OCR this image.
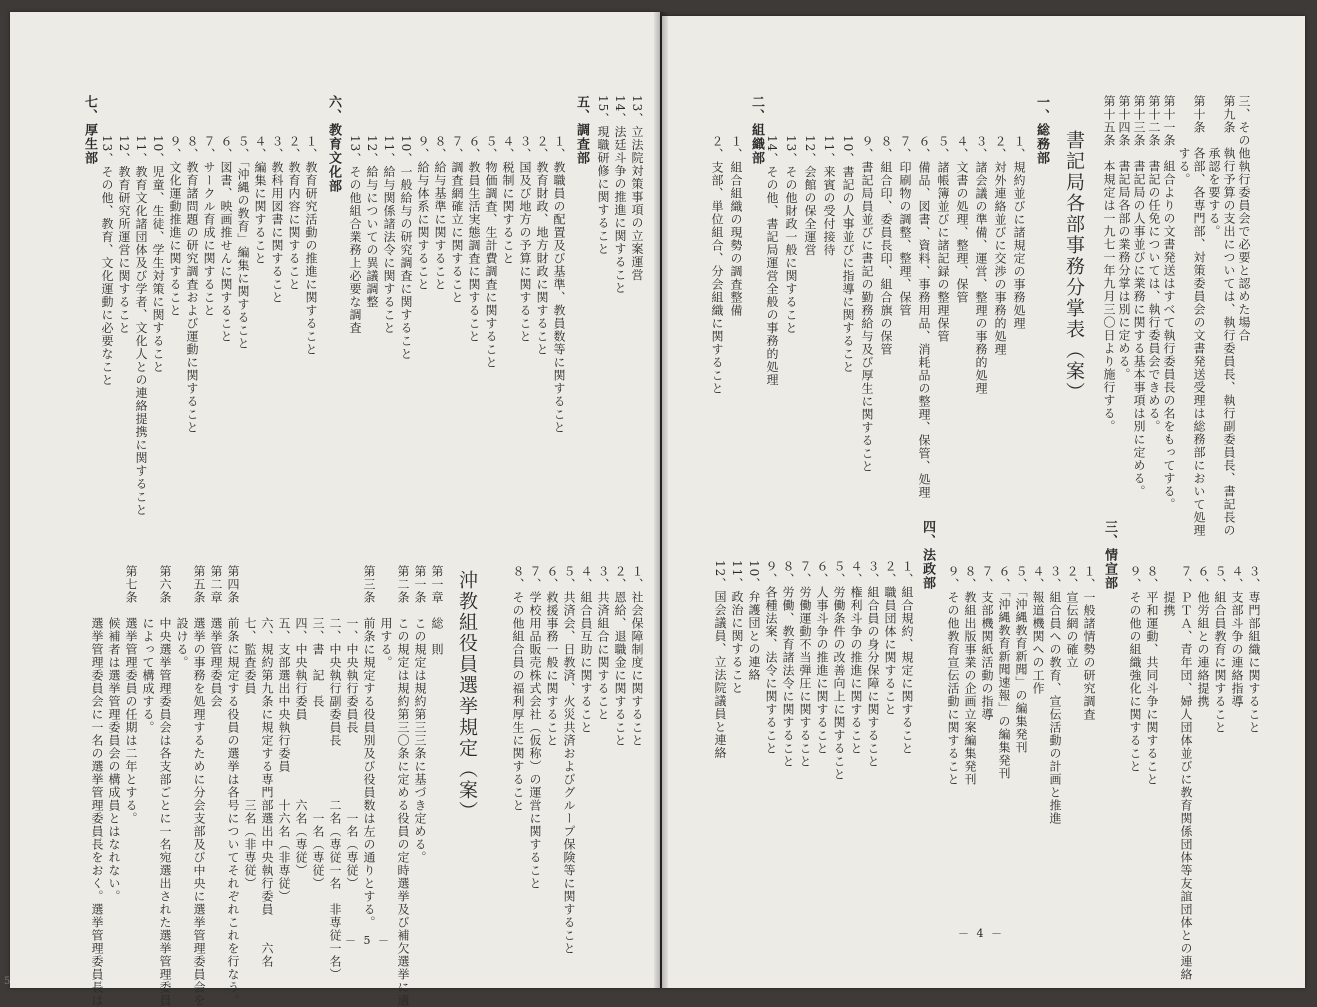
三、その他執行委員会で必要と認めた場合
第九条　執行予算の支出については、執行委員長、執行副委員長、書記長の
　　　　承認を要する。
第十条　各部、各専門部、対策委員会の文書発送受理は総務部において処理
　　　　する。
第十一条　組合よりの文書発送はすべて執行委員長の名をもってする。
第十二条　書記の任免については、執行委員会できめる。
第十三条　書記局の人事並びに業務に関する基本事項は別に定める。
第十四条　書記局各部の業務分掌は別に定める。
第十五条　本規定は一九七一年九月三〇日より施行する。
書記局各部事務分掌表（案）
一、総務部
１、規約並びに諸規定の事務処理
２、対外連絡並びに交渉の事務的処理
３、諸会議の準備、運営、整理の事務的処理
４、文書の処理、整理、保管
５、諸帳簿並びに諸記録の整理保管
６、備品、図書、資料、事務用品、消耗品の整理、保管、処理
７、印刷物の調整、整理、保管
８、組合印、委員長印、組合旗の保管
９、書記局員並びに書記の勤務給与及び厚生に関すること
10、書記の人事並びに指導に関すること
11、来賓の受付接待
12、会館の保全運営
13、その他財政一般に関すること
14、その他、書記局運営全般の事務的処理
二、組織部
１、組合組織の現勢の調査整備
２、支部、単位組合、分会組織に関すること
３、専門部組織に関すること
４、支部斗争の連絡指導
５、組合員教育に関すること
６、他労組との連絡提携
７、ＰＴＡ、青年団、婦人団体並びに教育関係団体等友誼団体との連絡
　　提携
８、平和運動、共同斗争に関すること
９、その他の組織強化に関すること
三、情宣部
１、一般諸情勢の研究調査
２、宣伝網の確立
３、組合員への教育、宣伝活動の計画と推進
４、報道機関への工作
５、「沖縄教育新聞」の編集発刊
６、「沖縄教育新聞速報」の編集発刊
７、支部機関紙活動の指導
８、教組出版事業の企画立案編集発刊
９、その他教育宣伝活動に関すること
四、法政部
１、組合規約、規定に関すること
２、職員団体に関すること
３、組合員の身分保障に関すること
４、権利斗争の推進に関すること
５、労働条件の改善向上に関すること
６、人事斗争の推進に関すること
７、労働運動不当弾圧に関すること
８、労働、教育諸法令に関すること
９、各種法案、法令に関すること
10、弁護団との連絡
11、政治に関すること
12、国会議員、立法院議員と連絡
13、立法院対策事項の立案運営
14、法廷斗争の推進に関すること
15、現職研修に関すること
五、調査部
１、教職員の配置及び基準、教員数等に関すること
２、教育財政、地方財政に関すること
３、国及び地方の予算に関すること
４、税制に関すること
５、物価調査、生計費調査に関すること
６、教員生活実態調査に関すること
７、調査網確立に関すること
８、給与基準に関すること
９、給与体系に関すること
10、一般給与の研究調査に関すること
11、給与関係諸法令に関すること
12、給与についての異議調整
13、その他組合業務上必要な調査
六、教育文化部
１、教育研究活動の推進に関すること
２、教育内容に関すること
３、教科用図書に関すること
４、編集に関すること
５、「沖縄の教育」編集に関すること
６、図書、映画推せんに関すること
７、サークル育成に関すること
８、教育諸問題の研究調査および運動に関すること
９、文化運動推進に関すること
10、児童、生徒、学生対策に関すること
11、教育文化諸団体及び学者、文化人との連絡提携に関すること
12、教育研究所運営に関すること
13、その他、教育、文化運動に必要なこと
七、厚生部
１、社会保障制度に関すること
２、恩給、退職金に関すること
３、共済組合に関すること
４、組合員互助に関すること
５、共済会、日教済、火災共済およびグループ保険等に関すること
６、救援事務一般に関すること
７、学校用品販売株式会社（仮称）の運営に関すること
８、その他組合員の福利厚生に関すること
沖教組役員選挙規定（案）
第一章　総　則
第一条　この規定は規約第三三条に基づき定める。
第二条　この規定は規約第三〇条に定める役員の定時選挙及び補欠選挙に適
　　　　用する。
第三条　前条に規定する役員別及び役員数は左の通りとする。
　　　　一、中央執行委員長　　　　　　一名（専従）
　　　　二、中央執行副委員長　　　　二名（専従一名　非専従一名）
　　　　三、書　記　長　　　　　　　　一名（専従）
　　　　四、中央執行委員　　　　　　六名（専従）
　　　　五、支部選出中央執行委員　　十六名（非専従）
　　　　六、規約第九条に規定する専門部選出中央執行委員　　六名
　　　　七、監査委員　　　　　　　　三名（非専従）
第四条　前条に規定する役員の選挙は各号についてそれぞれこれを行なう。
第二章　選挙管理委員会
第五条　選挙の事務を処理するために分会支部及び中央に選挙管理委員会を
　　　　設ける。
第六条　中央選挙管理委員会は各支部ごとに一名宛選出された選挙管理委員
　　　　によって構成する。
第七条　選挙管理委員の任期は二年とする。
　　　　候補者は選挙管理委員会の構成員とはなれない。
　　　　選挙管理委員会に一名の選挙管理委員長をおく。選挙管理委員長は	－ 4 －
－ 5 －
5
